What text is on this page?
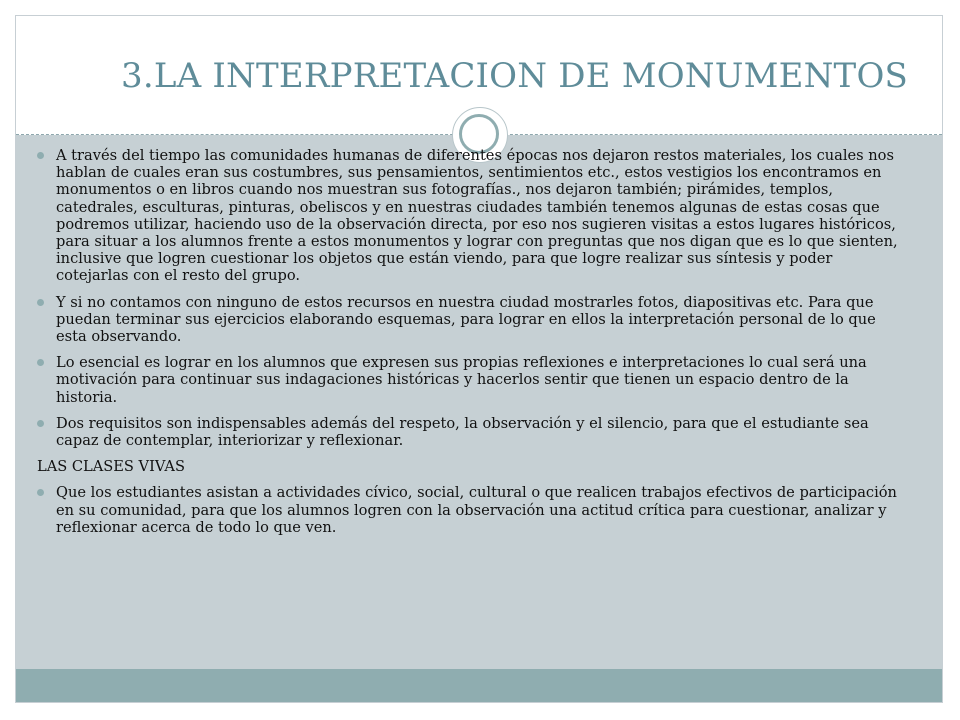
3.LA INTERPRETACION DE MONUMENTOS
A través del tiempo las comunidades humanas de diferentes épocas nos dejaron restos materiales, los cuales nos hablan de cuales eran sus costumbres, sus pensamientos, sentimientos etc., estos vestigios los encontramos en monumentos o en libros cuando nos muestran sus fotografías., nos dejaron también; pirámides, templos, catedrales, esculturas, pinturas, obeliscos y en nuestras ciudades también tenemos algunas de estas cosas que podremos utilizar, haciendo uso de la observación directa, por eso nos sugieren visitas a estos lugares históricos, para situar a los alumnos frente a estos monumentos y lograr con preguntas que nos digan que es lo que sienten, inclusive que logren cuestionar los objetos que están viendo, para que logre realizar sus síntesis y poder cotejarlas con el resto del grupo.
Y si no contamos con ninguno de estos recursos en nuestra ciudad mostrarles fotos, diapositivas etc. Para que puedan terminar sus ejercicios elaborando esquemas, para lograr en ellos la interpretación personal de lo que esta observando.
Lo esencial es lograr en los alumnos que expresen sus propias reflexiones e interpretaciones lo cual será una motivación para continuar sus indagaciones históricas y hacerlos sentir que tienen un espacio dentro de la historia.
Dos requisitos son indispensables además del respeto, la observación y el silencio, para que el estudiante sea capaz de contemplar, interiorizar y reflexionar.

LAS CLASES VIVAS

Que los estudiantes asistan a actividades cívico, social, cultural o que realicen trabajos efectivos de participación en su comunidad, para que los alumnos logren con la observación una actitud crítica para cuestionar, analizar y reflexionar acerca de todo lo que ven.
